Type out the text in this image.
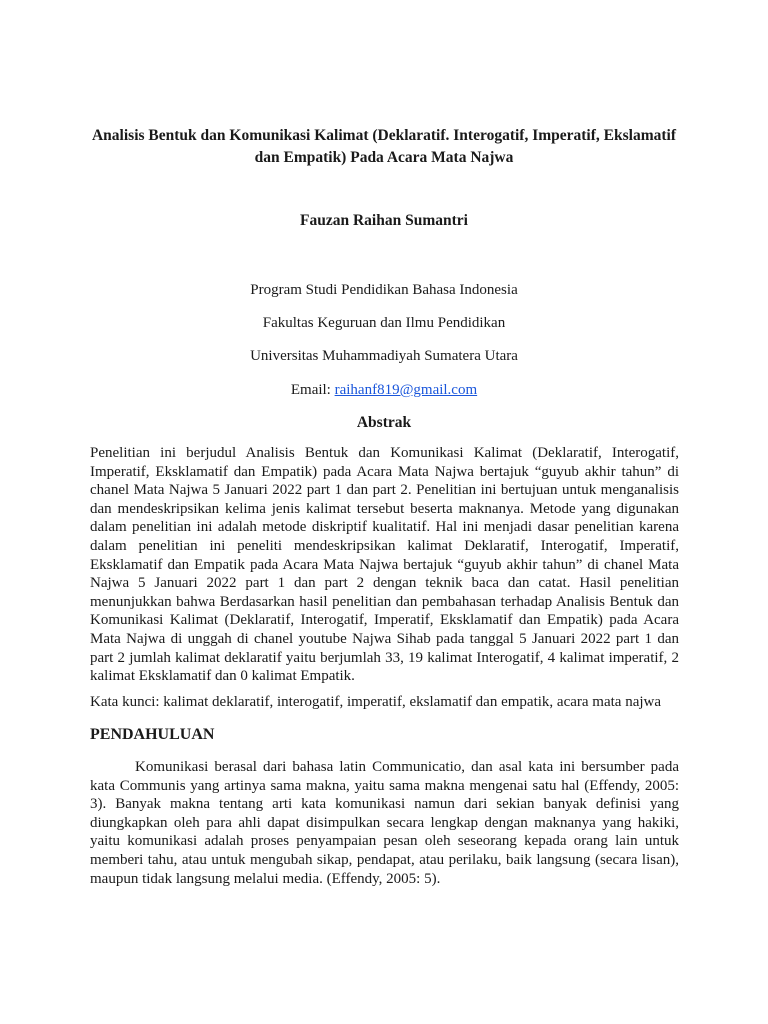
Analisis Bentuk dan Komunikasi Kalimat (Deklaratif. Interogatif, Imperatif, Ekslamatif dan Empatik) Pada Acara Mata Najwa
Fauzan Raihan Sumantri
Program Studi Pendidikan Bahasa Indonesia
Fakultas Keguruan dan Ilmu Pendidikan
Universitas Muhammadiyah Sumatera Utara
Email: raihanf819@gmail.com
Abstrak
Penelitian ini berjudul Analisis Bentuk dan Komunikasi Kalimat (Deklaratif, Interogatif, Imperatif, Eksklamatif dan Empatik) pada Acara Mata Najwa bertajuk “guyub akhir tahun” di chanel Mata Najwa 5 Januari 2022 part 1 dan part 2. Penelitian ini bertujuan untuk menganalisis dan mendeskripsikan kelima jenis kalimat tersebut beserta maknanya. Metode yang digunakan dalam penelitian ini adalah metode diskriptif kualitatif. Hal ini menjadi dasar penelitian karena dalam penelitian ini peneliti mendeskripsikan kalimat Deklaratif, Interogatif, Imperatif, Eksklamatif dan Empatik pada Acara Mata Najwa bertajuk “guyub akhir tahun” di chanel Mata Najwa 5 Januari 2022 part 1 dan part 2 dengan teknik baca dan catat. Hasil penelitian menunjukkan bahwa Berdasarkan hasil penelitian dan pembahasan terhadap Analisis Bentuk dan Komunikasi Kalimat (Deklaratif, Interogatif, Imperatif, Eksklamatif dan Empatik) pada Acara Mata Najwa di unggah di chanel youtube Najwa Sihab pada tanggal 5 Januari 2022 part 1 dan part 2 jumlah kalimat deklaratif yaitu berjumlah 33, 19 kalimat Interogatif, 4 kalimat imperatif, 2 kalimat Eksklamatif dan 0 kalimat Empatik.
Kata kunci: kalimat deklaratif, interogatif, imperatif, ekslamatif dan empatik, acara mata najwa
PENDAHULUAN
Komunikasi berasal dari bahasa latin Communicatio, dan asal kata ini bersumber pada kata Communis yang artinya sama makna, yaitu sama makna mengenai satu hal (Effendy, 2005: 3). Banyak makna tentang arti kata komunikasi namun dari sekian banyak definisi yang diungkapkan oleh para ahli dapat disimpulkan secara lengkap dengan maknanya yang hakiki, yaitu komunikasi adalah proses penyampaian pesan oleh seseorang kepada orang lain untuk memberi tahu, atau untuk mengubah sikap, pendapat, atau perilaku, baik langsung (secara lisan), maupun tidak langsung melalui media. (Effendy, 2005: 5).
